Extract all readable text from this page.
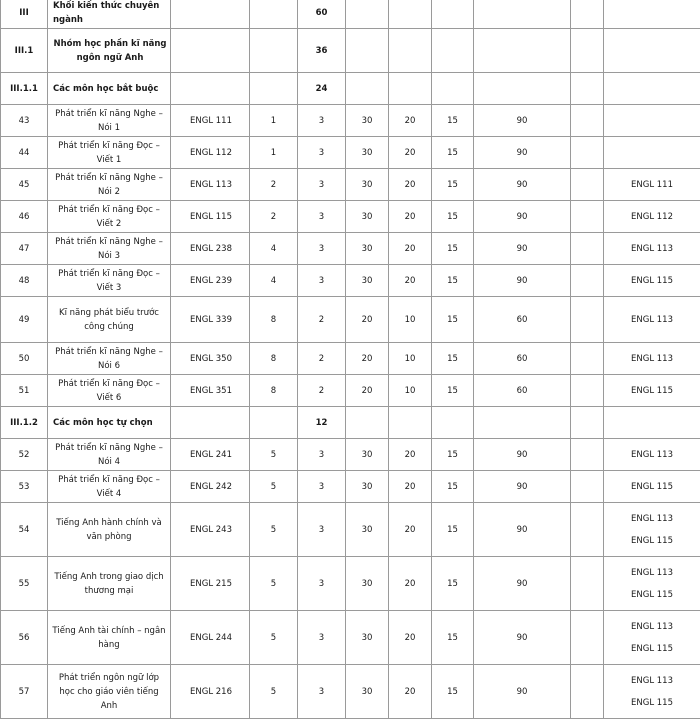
III	Khối kiến thức chuyên ngành			60						
III.1	Nhóm học phần kĩ năng ngôn ngữ Anh			36						
III.1.1	Các môn học bắt buộc			24						
43	Phát triển kĩ năng Nghe – Nói 1	ENGL 111	1	3	30	20	15	90		
44	Phát triển kĩ năng Đọc – Viết 1	ENGL 112	1	3	30	20	15	90		
45	Phát triển kĩ năng Nghe – Nói 2	ENGL 113	2	3	30	20	15	90		ENGL 111

46	Phát triển kĩ năng Đọc – Viết 2	ENGL 115	2	3	30	20	15	90		ENGL 112

47	Phát triển kĩ năng Nghe – Nói 3	ENGL 238	4	3	30	20	15	90		ENGL 113

48	Phát triển kĩ năng Đọc – Viết 3	ENGL 239	4	3	30	20	15	90		ENGL 115

49	Kĩ năng phát biểu trước công chúng	ENGL 339	8	2	20	10	15	60		ENGL 113

50	Phát triển kĩ năng Nghe – Nói 6	ENGL 350	8	2	20	10	15	60		ENGL 113

51	Phát triển kĩ năng Đọc – Viết 6	ENGL 351	8	2	20	10	15	60		ENGL 115

III.1.2	Các môn học tự chọn			12						
52	Phát triển kĩ năng Nghe – Nói 4	ENGL 241	5	3	30	20	15	90		ENGL 113

53	Phát triển kĩ năng Đọc – Viết 4	ENGL 242	5	3	30	20	15	90		ENGL 115

54	Tiếng Anh hành chính và văn phòng	ENGL 243	5	3	30	20	15	90		ENGL 113
ENGL 115

55	Tiếng Anh trong giao dịch thương mại	ENGL 215	5	3	30	20	15	90		ENGL 113
ENGL 115

56	Tiếng Anh tài chính – ngân hàng	ENGL 244	5	3	30	20	15	90		ENGL 113
ENGL 115

57	Phát triển ngôn ngữ lớp học cho giáo viên tiếng Anh	ENGL 216	5	3	30	20	15	90		ENGL 113
ENGL 115
